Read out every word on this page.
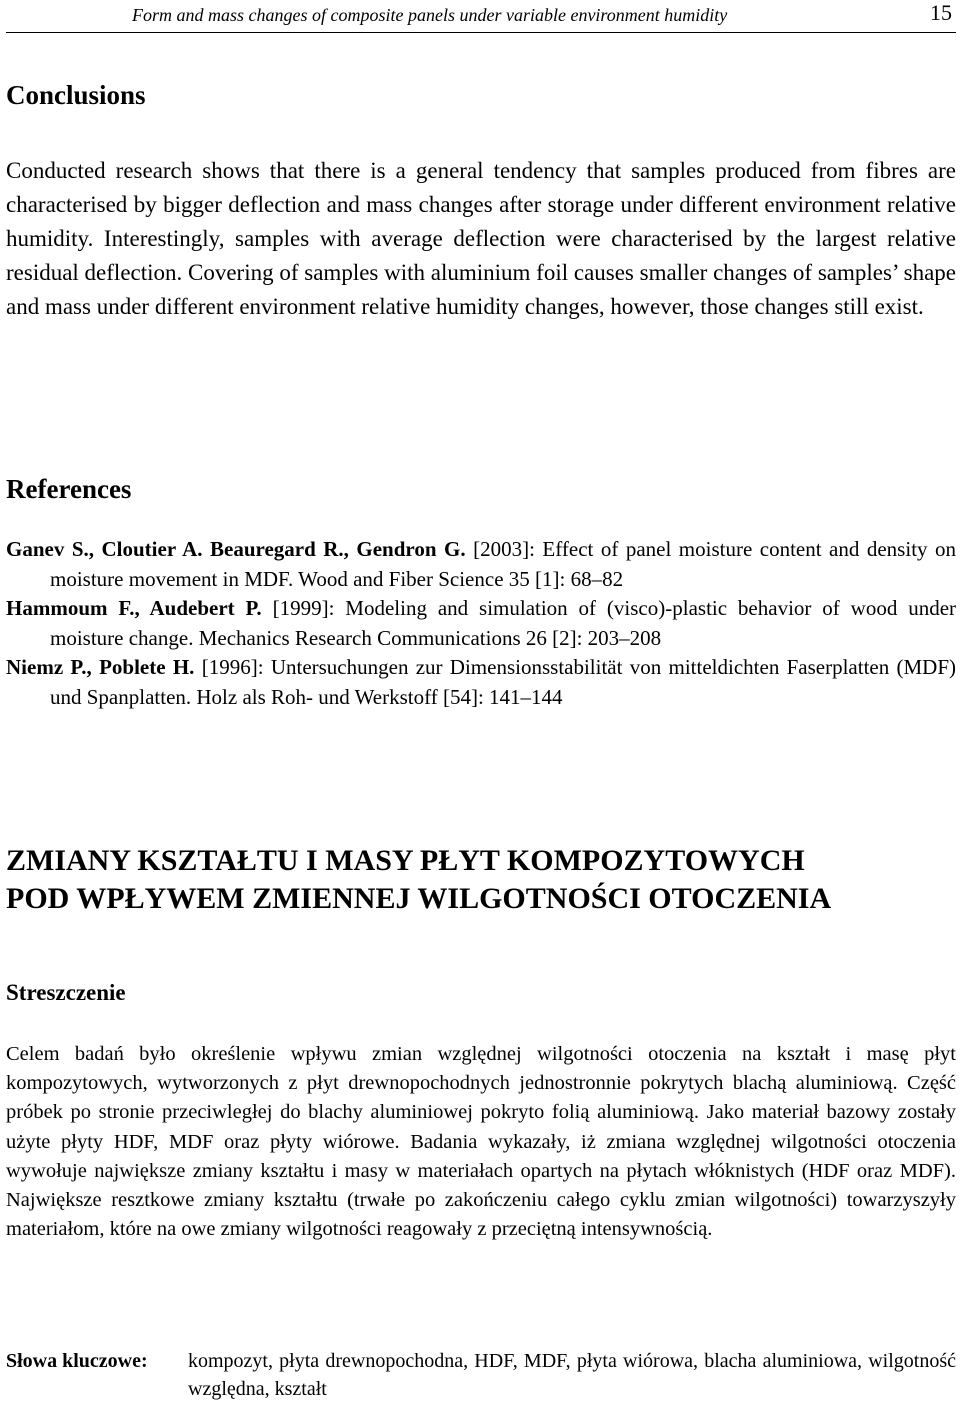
Form and mass changes of composite panels under variable environment humidity	15
Conclusions

Conducted research shows that there is a general tendency that samples produced from fibres are characterised by bigger deflection and mass changes after storage under different environment relative humidity. Interestingly, samples with average deflection were characterised by the largest relative residual deflection. Covering of samples with aluminium foil causes smaller changes of samples’ shape and mass under different environment relative humidity changes, however, those changes still exist.

References
Ganev S., Cloutier A. Beauregard R., Gendron G. [2003]: Effect of panel moisture content and density on moisture movement in MDF. Wood and Fiber Science 35 [1]: 68–82
Hammoum F., Audebert P. [1999]: Modeling and simulation of (visco)-plastic behavior of wood under moisture change. Mechanics Research Communications 26 [2]: 203–208
Niemz P., Poblete H. [1996]: Untersuchungen zur Dimensionsstabilität von mitteldichten Faserplatten (MDF) und Spanplatten. Holz als Roh- und Werkstoff [54]: 141–144
ZMIANY KSZTAŁTU I MASY PŁYT KOMPOZYTOWYCH
POD WPŁYWEM ZMIENNEJ WILGOTNOŚCI OTOCZENIA
Streszczenie

Celem badań było określenie wpływu zmian względnej wilgotności otoczenia na kształt i masę płyt kompozytowych, wytworzonych z płyt drewnopochodnych jednostronnie pokrytych blachą aluminiową. Część próbek po stronie przeciwległej do blachy aluminiowej pokryto folią aluminiową. Jako materiał bazowy zostały użyte płyty HDF, MDF oraz płyty wiórowe. Badania wykazały, iż zmiana względnej wilgotności otoczenia wywołuje największe zmiany kształtu i masy w materiałach opartych na płytach włóknistych (HDF oraz MDF). Największe resztkowe zmiany kształtu (trwałe po zakończeniu całego cyklu zmian wilgotności) towarzyszyły materiałom, które na owe zmiany wilgotności reagowały z przeciętną intensywnością.

Słowa kluczowe: kompozyt, płyta drewnopochodna, HDF, MDF, płyta wiórowa, blacha aluminiowa, wilgotność względna, kształt
